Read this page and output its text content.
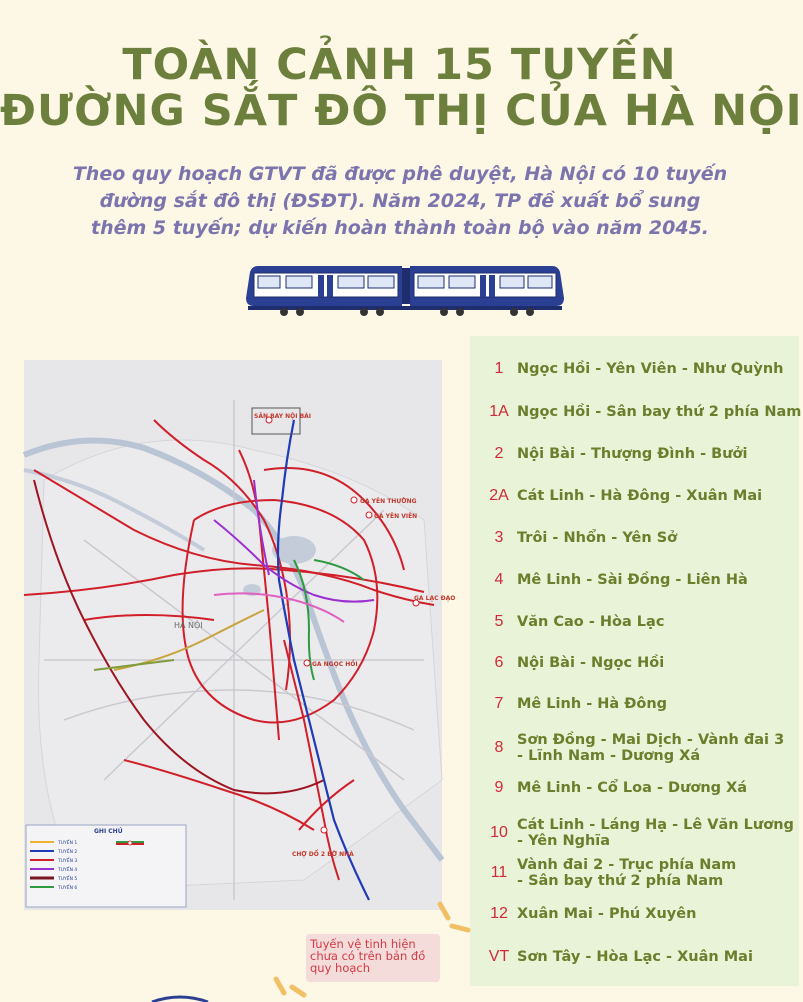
TOÀN CẢNH 15 TUYẾN
ĐƯỜNG SẮT ĐÔ THỊ CỦA HÀ NỘI
Theo quy hoạch GTVT đã được phê duyệt, Hà Nội có 10 tuyến
đường sắt đô thị (ĐSĐT). Năm 2024, TP đề xuất bổ sung
thêm 5 tuyến; dự kiến hoàn thành toàn bộ vào năm 2045.
SÂN BAY NỘI BÀI
GA YÊN THƯỜNG
GA YÊN VIÊN
GA LẠC ĐẠO
GA NGỌC HỒI
CHỢ DỐ 2 BỜ NHÀ
HÀ NỘI
GHI CHÚ
TUYẾN 1
TUYẾN 2
TUYẾN 3
TUYẾN 4
TUYẾN 5
TUYẾN 6
1 Ngọc Hồi - Yên Viên - Như Quỳnh
1A Ngọc Hồi - Sân bay thứ 2 phía Nam
2 Nội Bài - Thượng Đình - Bưởi
2A Cát Linh - Hà Đông - Xuân Mai
3 Trôi - Nhổn - Yên Sở
4 Mê Linh - Sài Đồng - Liên Hà
5 Văn Cao - Hòa Lạc
6 Nội Bài - Ngọc Hồi
7 Mê Linh - Hà Đông
8 Sơn Đồng - Mai Dịch - Vành đai 3
- Lĩnh Nam - Dương Xá
9 Mê Linh - Cổ Loa - Dương Xá
10 Cát Linh - Láng Hạ - Lê Văn Lương
- Yên Nghĩa
11 Vành đai 2 - Trục phía Nam
- Sân bay thứ 2 phía Nam
12 Xuân Mai - Phú Xuyên
VT Sơn Tây - Hòa Lạc - Xuân Mai
Tuyến vệ tinh hiện
chưa có trên bản đồ
quy hoạch
